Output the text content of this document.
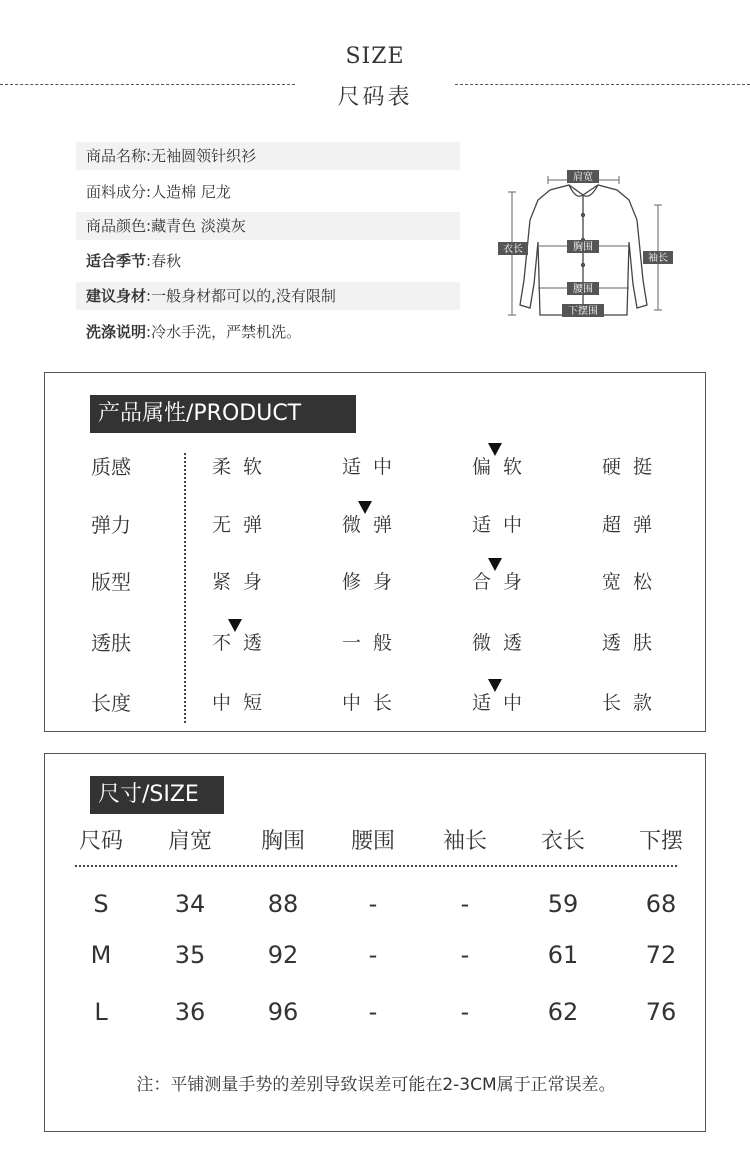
SIZE
尺码表
商品名称:无袖圆领针织衫
面料成分:人造棉 尼龙
商品颜色:藏青色 淡漠灰
适合季节:春秋
建议身材:一般身材都可以的,没有限制
洗涤说明:冷水手洗，严禁机洗。
肩宽
胸围
腰围
下摆围
衣长
袖长
产品属性/PRODUCT
质感	柔软	适中	偏软	硬挺
弹力	无弹	微弹	适中	超弹
版型	紧身	修身	合身	宽松
透肤	不透	一般	微透	透肤
长度	中短	中长	适中	长款
尺寸/SIZE
尺码	肩宽	胸围	腰围	袖长	衣长	下摆
S	34	88	-	-	59	68
M	35	92	-	-	61	72
L	36	96	-	-	62	76
注：平铺测量手势的差别导致误差可能在2-3CM属于正常误差。
